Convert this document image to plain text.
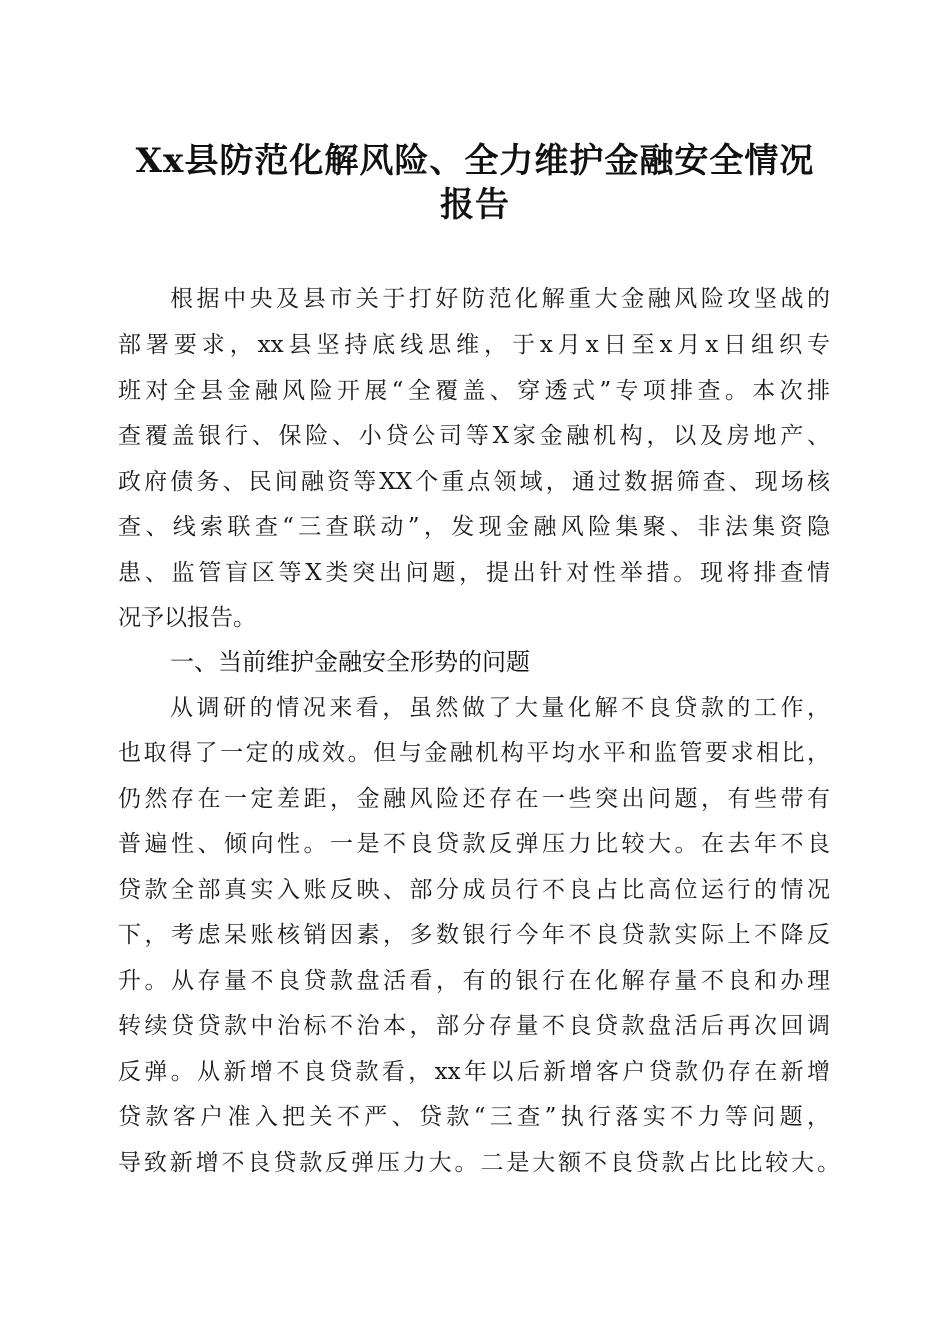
Xx县防范化解风险、全力维护金融安全情况
报告
根据中央及县市关于打好防范化解重大金融风险攻坚战的
部署要求，xx县坚持底线思维，于x月x日至x月x日组织专
班对全县金融风险开展“全覆盖、穿透式”专项排查。本次排
查覆盖银行、保险、小贷公司等X家金融机构，以及房地产、
政府债务、民间融资等XX个重点领域，通过数据筛查、现场核
查、线索联查“三查联动”，发现金融风险集聚、非法集资隐
患、监管盲区等X类突出问题，提出针对性举措。现将排查情
况予以报告。
一、当前维护金融安全形势的问题
从调研的情况来看，虽然做了大量化解不良贷款的工作，
也取得了一定的成效。但与金融机构平均水平和监管要求相比，
仍然存在一定差距，金融风险还存在一些突出问题，有些带有
普遍性、倾向性。一是不良贷款反弹压力比较大。在去年不良
贷款全部真实入账反映、部分成员行不良占比高位运行的情况
下，考虑呆账核销因素，多数银行今年不良贷款实际上不降反
升。从存量不良贷款盘活看，有的银行在化解存量不良和办理
转续贷贷款中治标不治本，部分存量不良贷款盘活后再次回调
反弹。从新增不良贷款看，xx年以后新增客户贷款仍存在新增
贷款客户准入把关不严、贷款“三查”执行落实不力等问题，
导致新增不良贷款反弹压力大。二是大额不良贷款占比比较大。
